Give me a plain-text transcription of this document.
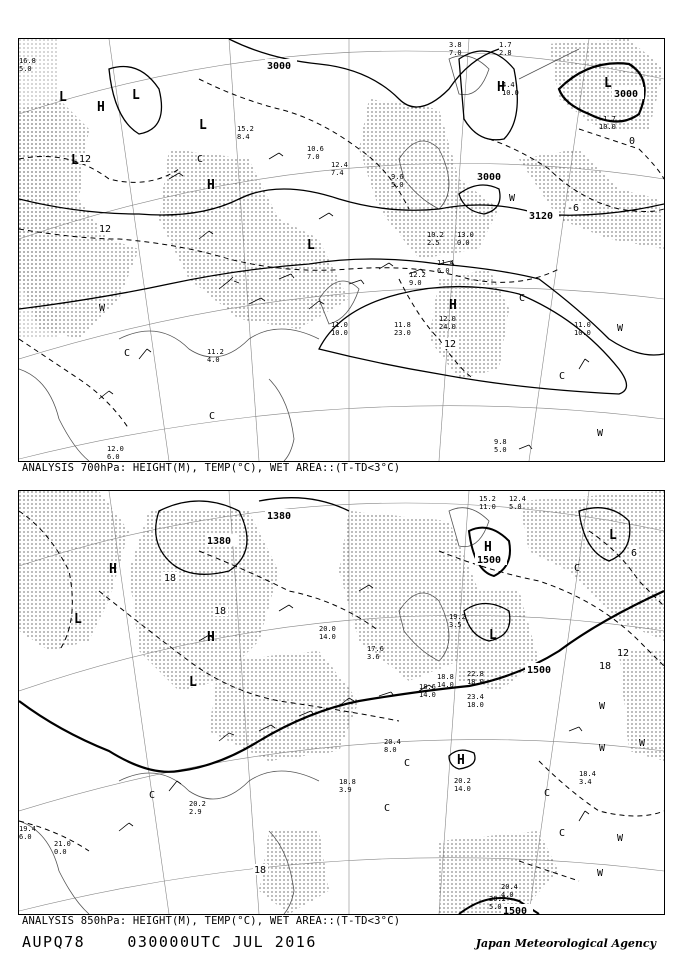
3000
3000
3000
3120
12
12
12
0
-6
H
H
H
H
L
L
L
L
L
L
W
W
W
W
C
C
C
C
C
15.2
8.4
10.6
7.0
12.4
7.4
11.8
23.0
11.0
10.0
12.0
24.0	11.0
10.0
9.8
5.0
12.0
6.0
11.2
4.0
10.2
2.5
13.0
0.0
11.4
6.0
12.2
9.0
9.6
5.0
3.8
7.0
1.7
2.8
4.4
10.0
-1.7
10.0
16.8
5.0
ANALYSIS 700hPa: HEIGHT(M), TEMP(°C), WET AREA::(T-TD<3°C)
1500
1500
1500
1380
1380
18
18
18
18
12
6
H
H
H
H
L
L
L
L
W
W
W
W
W
C
C
C
C
C
C
20.4
8.0
18.8
3.9
20.2
14.0
18.4
3.4
20.2
2.9
22.8
18.0
19.4
6.0
20.4
4.0
18.8
14.0
20.0
14.0
15.2
11.0
12.4
5.0
20.2
5.0
21.0
0.0
17.6
3.6
18.6
14.0	23.4
18.0
19.2
3.5
ANALYSIS 850hPa: HEIGHT(M), TEMP(°C), WET AREA::(T-TD<3°C)
AUPQ78	030000UTC JUL 2016	Japan Meteorological Agency
